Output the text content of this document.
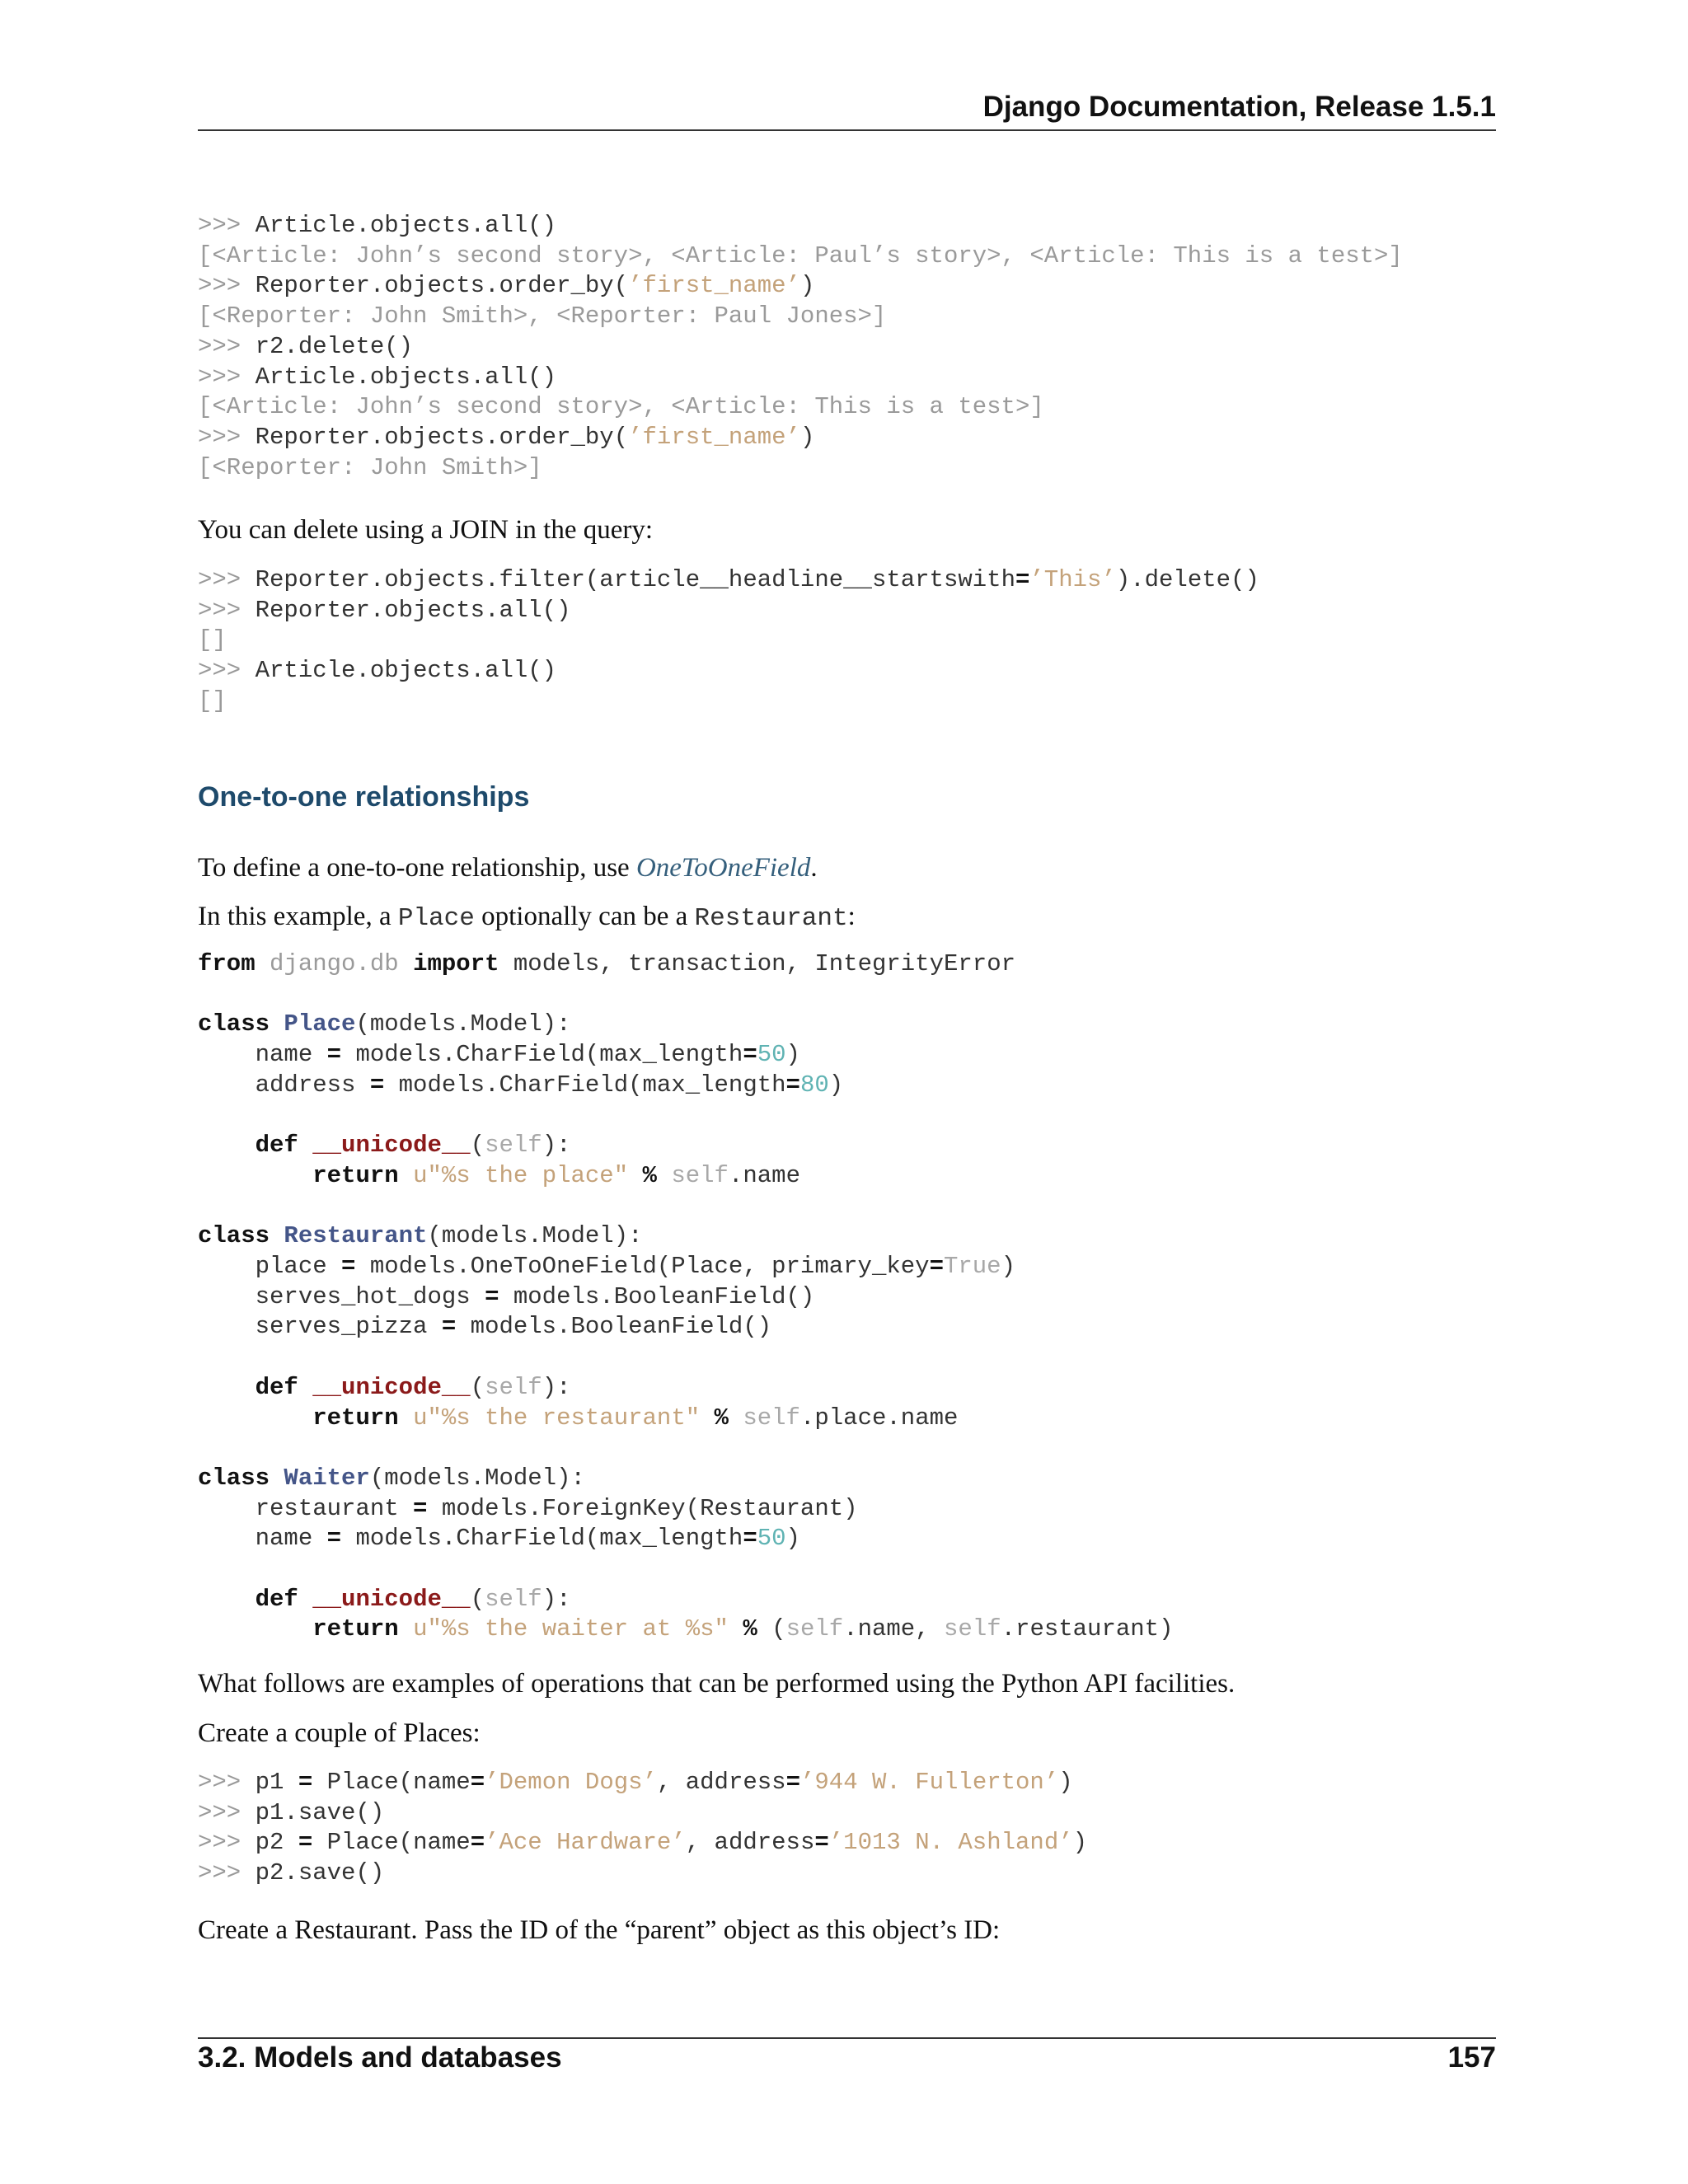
Django Documentation, Release 1.5.1
>>> Article.objects.all()
[<Article: John’s second story>, <Article: Paul’s story>, <Article: This is a test>]
>>> Reporter.objects.order_by(’first_name’)
[<Reporter: John Smith>, <Reporter: Paul Jones>]
>>> r2.delete()
>>> Article.objects.all()
[<Article: John’s second story>, <Article: This is a test>]
>>> Reporter.objects.order_by(’first_name’)
[<Reporter: John Smith>]

You can delete using a JOIN in the query:

>>> Reporter.objects.filter(article__headline__startswith=’This’).delete()
>>> Reporter.objects.all()
[]
>>> Article.objects.all()
[]
One-to-one relationships

To define a one-to-one relationship, use OneToOneField.

In this example, a Place optionally can be a Restaurant:

from django.db import models, transaction, IntegrityError

class Place(models.Model):
name = models.CharField(max_length=50)
address = models.CharField(max_length=80)

def __unicode__(self):
return u"%s the place" % self.name

class Restaurant(models.Model):
place = models.OneToOneField(Place, primary_key=True)
serves_hot_dogs = models.BooleanField()
serves_pizza = models.BooleanField()

def __unicode__(self):
return u"%s the restaurant" % self.place.name

class Waiter(models.Model):
restaurant = models.ForeignKey(Restaurant)
name = models.CharField(max_length=50)

def __unicode__(self):
return u"%s the waiter at %s" % (self.name, self.restaurant)

What follows are examples of operations that can be performed using the Python API facilities.

Create a couple of Places:

>>> p1 = Place(name=’Demon Dogs’, address=’944 W. Fullerton’)
>>> p1.save()
>>> p2 = Place(name=’Ace Hardware’, address=’1013 N. Ashland’)
>>> p2.save()

Create a Restaurant. Pass the ID of the “parent” object as this object’s ID:

3.2. Models and databases	157
